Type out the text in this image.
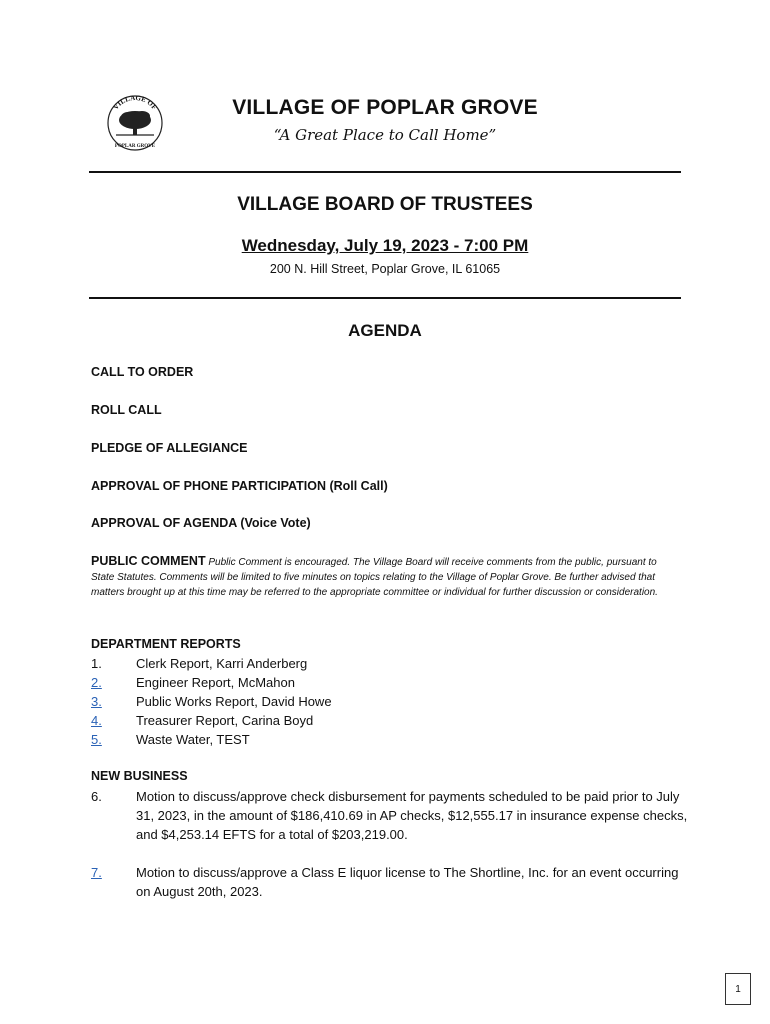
VILLAGE OF
POPLAR GROVE
VILLAGE OF POPLAR GROVE
“A Great Place to Call Home”
VILLAGE BOARD OF TRUSTEES
Wednesday, July 19, 2023 - 7:00 PM
200 N. Hill Street, Poplar Grove, IL 61065
AGENDA
CALL TO ORDER
ROLL CALL
PLEDGE OF ALLEGIANCE
APPROVAL OF PHONE PARTICIPATION (Roll Call)
APPROVAL OF AGENDA (Voice Vote)
PUBLIC COMMENT Public Comment is encouraged. The Village Board will receive comments from the public, pursuant to State Statutes. Comments will be limited to five minutes on topics relating to the Village of Poplar Grove. Be further advised that matters brought up at this time may be referred to the appropriate committee or individual for further discussion or consideration.
DEPARTMENT REPORTS
1.	Clerk Report, Karri Anderberg
2.	Engineer Report, McMahon
3.	Public Works Report, David Howe
4.	Treasurer Report, Carina Boyd
5.	Waste Water, TEST
NEW BUSINESS
6.	Motion to discuss/approve check disbursement for payments scheduled to be paid prior to July 31, 2023, in the amount of $186,410.69 in AP checks, $12,555.17 in insurance expense checks, and $4,253.14 EFTS for a total of $203,219.00.
7.	Motion to discuss/approve a Class E liquor license to The Shortline, Inc. for an event occurring on August 20th, 2023.
1
